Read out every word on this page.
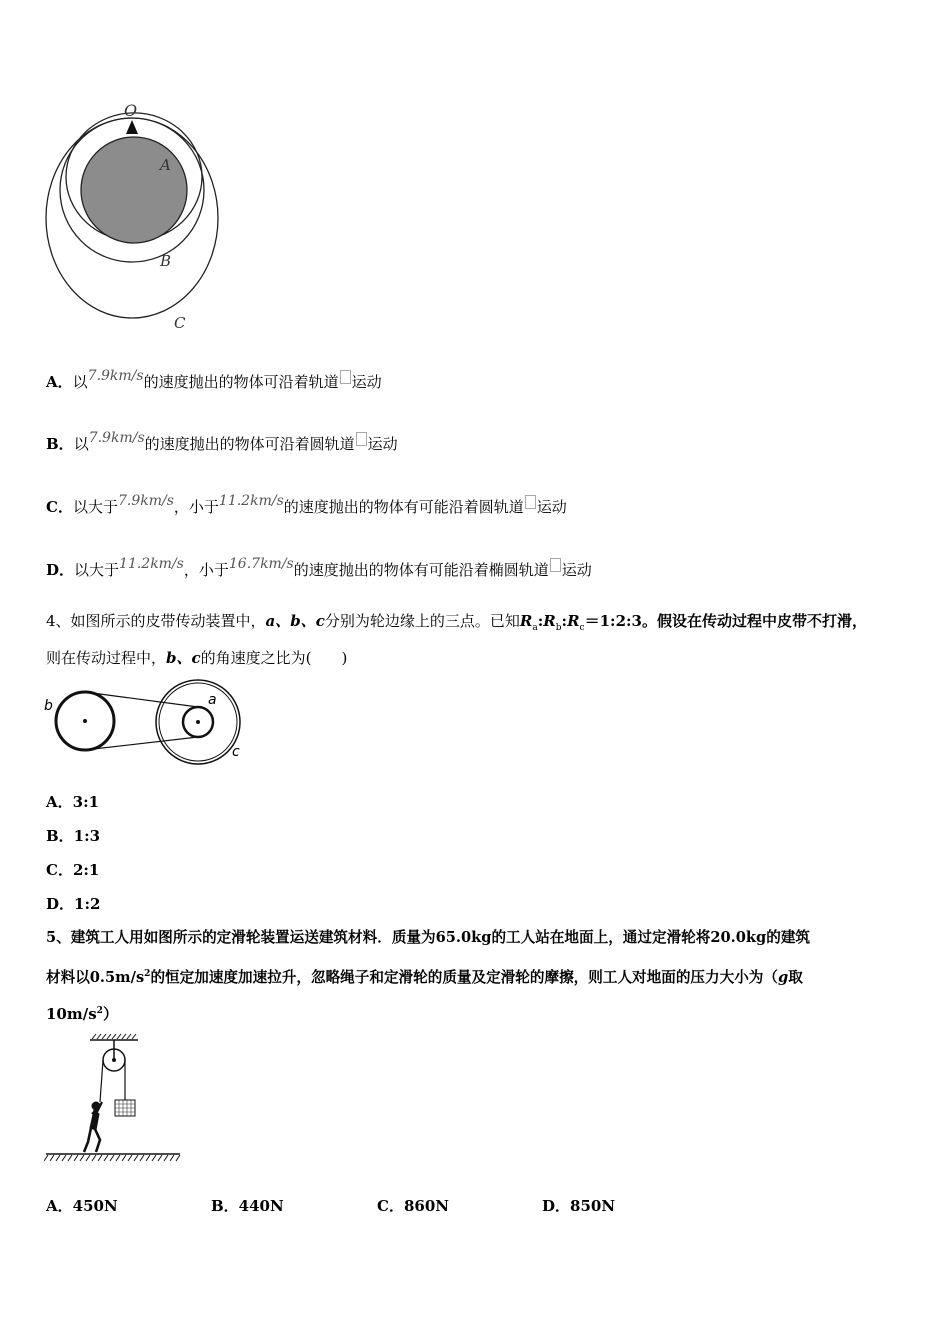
O
A
B
C
A．以7.9km/s的速度抛出的物体可沿着轨道 运动
B．以7.9km/s的速度抛出的物体可沿着圆轨道 运动
C．以大于7.9km/s，小于11.2km/s的速度抛出的物体有可能沿着圆轨道 运动
D．以大于11.2km/s，小于16.7km/s的速度抛出的物体有可能沿着椭圆轨道 运动
4、如图所示的皮带传动装置中，a、b、c分别为轮边缘上的三点。已知$R_a:R_b:R_c=1:2:3$。假设在传动过程中皮带不打滑，
则在传动过程中，b、c的角速度之比为(　　)
b	a
c
A．3:1
B．1:3
C．2:1
D．1:2
5、建筑工人用如图所示的定滑轮装置运送建筑材料．质量为65.0kg的工人站在地面上，通过定滑轮将20.0kg的建筑
材料以$0.5m/s^2$的恒定加速度加速拉升，忽略绳子和定滑轮的质量及定滑轮的摩擦，则工人对地面的压力大小为（g取
$10m/s^2$）
A．450N	B．440N	C．860N	D．850N
